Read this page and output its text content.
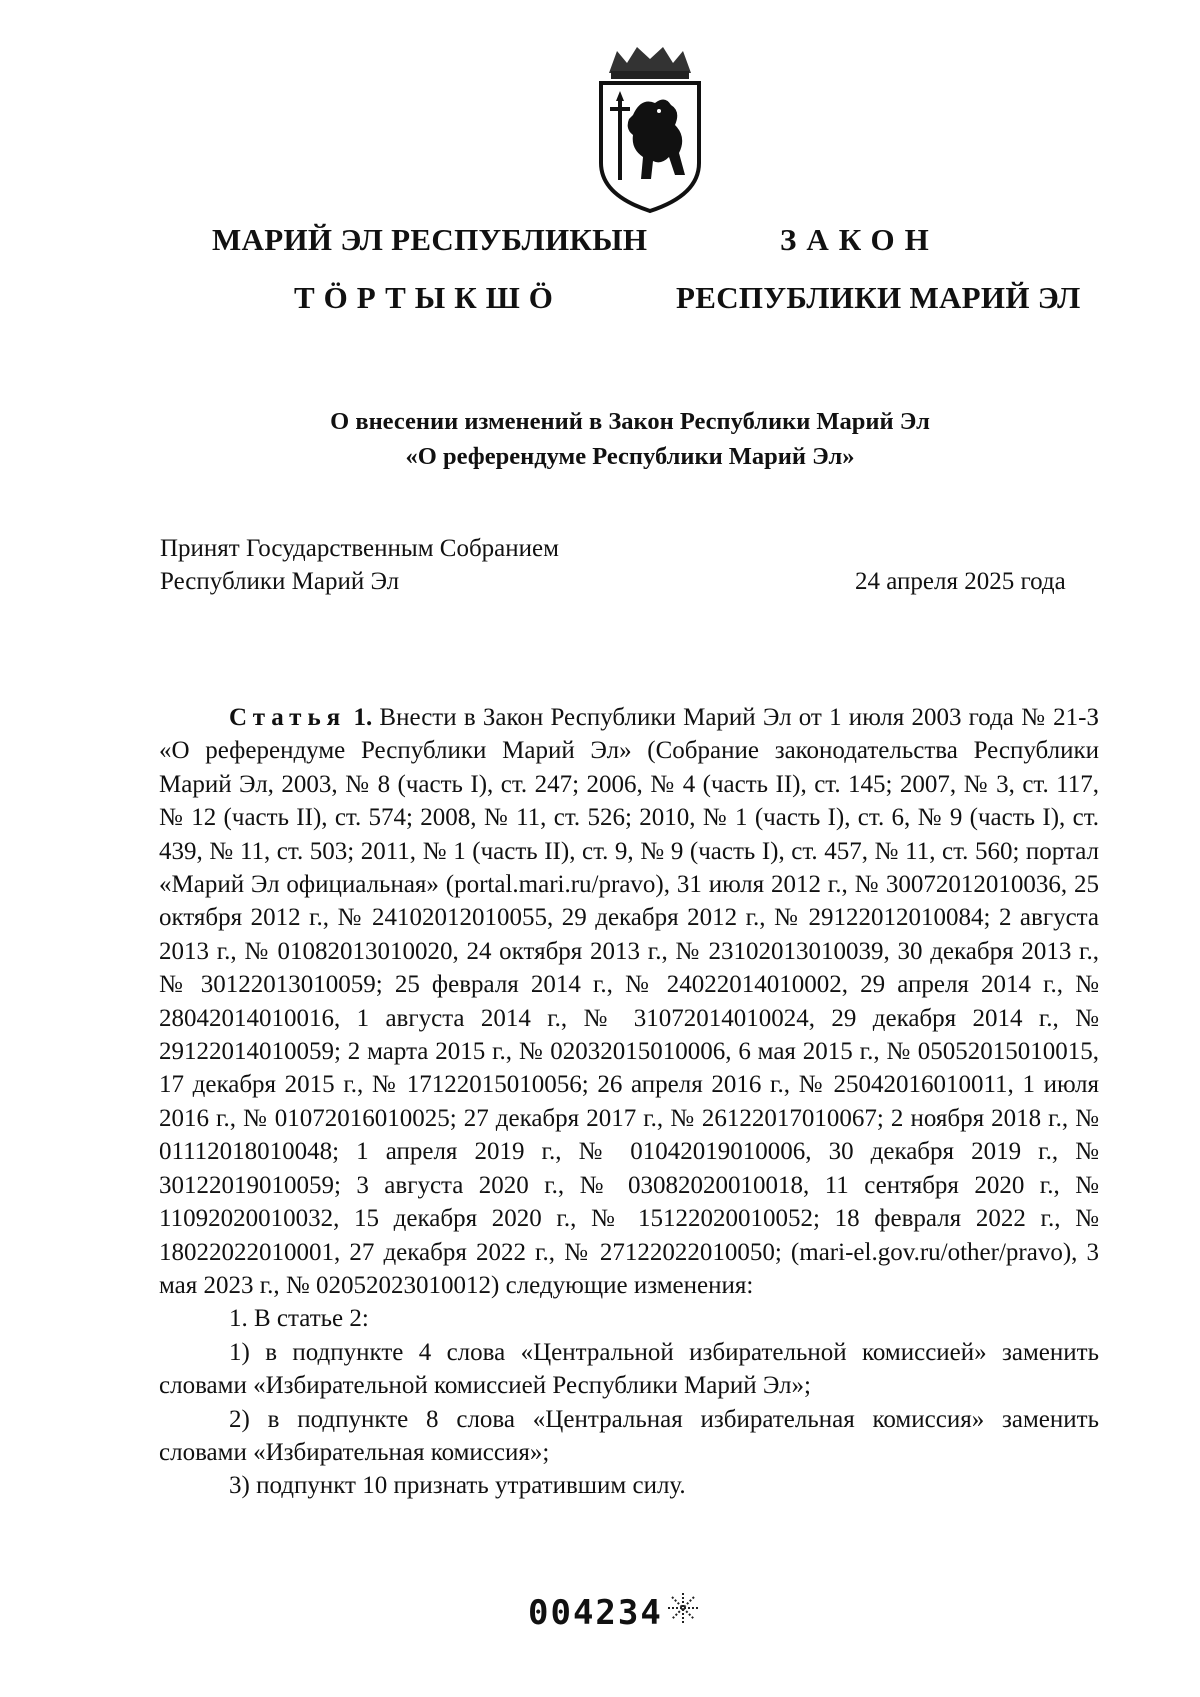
МАРИЙ ЭЛ РЕСПУБЛИКЫН
ТӦРТЫКШӦ
ЗАКОН
РЕСПУБЛИКИ МАРИЙ ЭЛ
О внесении изменений в Закон Республики Марий Эл
«О референдуме Республики Марий Эл»
Принят Государственным Собранием
Республики Марий Эл	24 апреля 2025 года

Статья 1. Внести в Закон Республики Марий Эл от 1 июля 2003 года № 21-З «О референдуме Республики Марий Эл» (Собрание законодательства Республики Марий Эл, 2003, № 8 (часть I), ст. 247; 2006, № 4 (часть II), ст. 145; 2007, № 3, ст. 117, № 12 (часть II), ст. 574; 2008, № 11, ст. 526; 2010, № 1 (часть I), ст. 6, № 9 (часть I), ст. 439, № 11, ст. 503; 2011, № 1 (часть II), ст. 9, № 9 (часть I), ст. 457, № 11, ст. 560; портал «Марий Эл официальная» (portal.mari.ru/pravo), 31 июля 2012 г., № 30072012010036, 25 октября 2012 г., № 24102012010055, 29 декабря 2012 г., № 29122012010084; 2 августа 2013 г., № 01082013010020, 24 октября 2013 г., № 23102013010039, 30 декабря 2013 г., № 30122013010059; 25 февраля 2014 г., № 24022014010002, 29 апреля 2014 г., № 28042014010016, 1 августа 2014 г., № 31072014010024, 29 декабря 2014 г., № 29122014010059; 2 марта 2015 г., № 02032015010006, 6 мая 2015 г., № 05052015010015, 17 декабря 2015 г., № 17122015010056; 26 апреля 2016 г., № 25042016010011, 1 июля 2016 г., № 01072016010025; 27 декабря 2017 г., № 26122017010067; 2 ноября 2018 г., № 01112018010048; 1 апреля 2019 г., № 01042019010006, 30 декабря 2019 г., № 30122019010059; 3 августа 2020 г., № 03082020010018, 11 сентября 2020 г., № 11092020010032, 15 декабря 2020 г., № 15122020010052; 18 февраля 2022 г., № 18022022010001, 27 декабря 2022 г., № 27122022010050; (mari-el.gov.ru/other/pravo), 3 мая 2023 г., № 02052023010012) следующие изменения:

1. В статье 2:

1) в подпункте 4 слова «Центральной избирательной комиссией» заменить словами «Избирательной комиссией Республики Марий Эл»;

2) в подпункте 8 слова «Центральная избирательная комиссия» заменить словами «Избирательная комиссия»;

3) подпункт 10 признать утратившим силу.

004234
